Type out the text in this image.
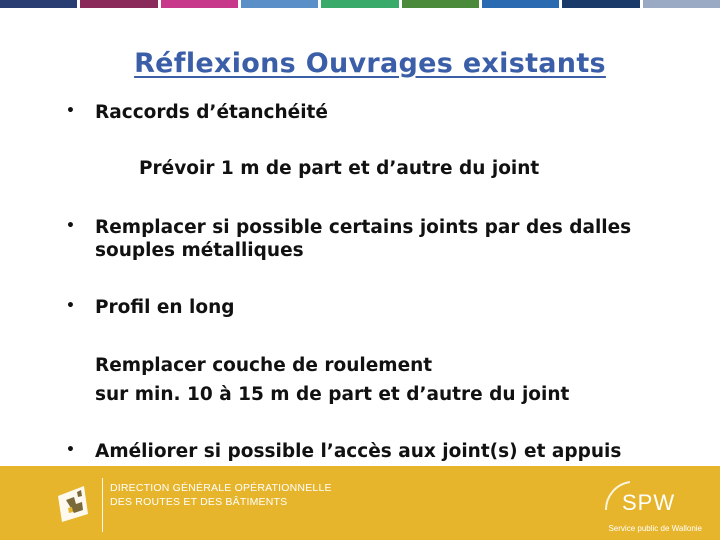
Réflexions Ouvrages existants
• Raccords d’étanchéité
Prévoir 1 m de part et d’autre du joint
• Remplacer si possible certains joints par des dalles
souples métalliques
• Profil en long
Remplacer couche de roulement
sur min. 10 à 15 m de part et d’autre du joint
• Améliorer si possible l’accès aux joint(s) et appuis
DIRECTION GÉNÉRALE OPÉRATIONNELLE
DES ROUTES ET DES BÂTIMENTS	SPW
Service public de Wallonie
